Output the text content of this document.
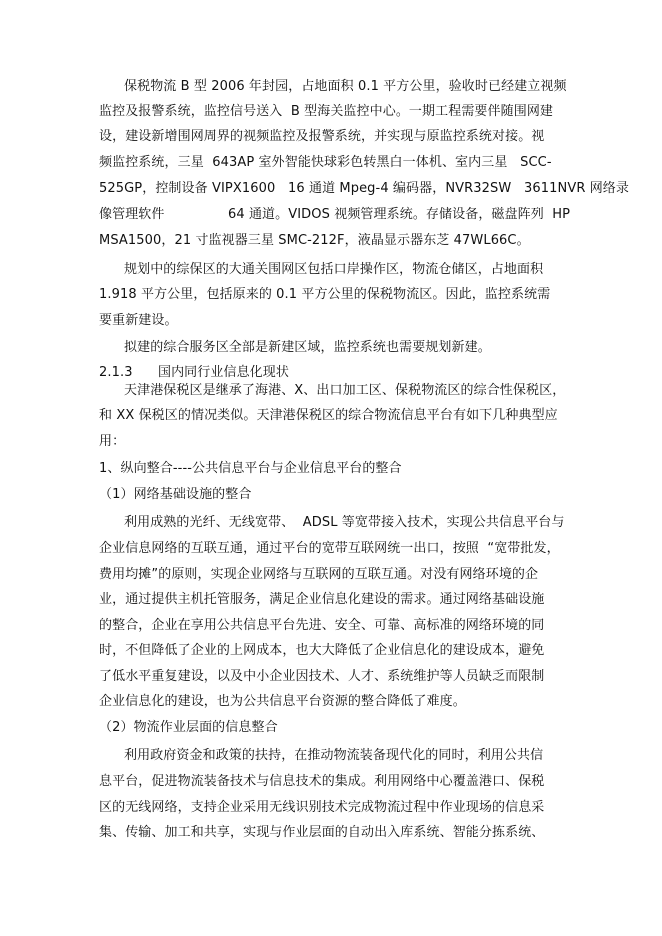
保税物流 B 型 2006 年封园，占地面积 0.1 平方公里，验收时已经建立视频
监控及报警系统，监控信号送入  B 型海关监控中心。一期工程需要伴随围网建
设，建设新增围网周界的视频监控及报警系统，并实现与原监控系统对接。视
频监控系统，三星  643AP 室外智能快球彩色转黑白一体机、室内三星   SCC-
525GP，控制设备 VIPX1600   16 通道 Mpeg-4 编码器，NVR32SW   3611NVR 网络录
像管理软件               64 通道。VIDOS 视频管理系统。存储设备，磁盘阵列  HP
MSA1500，21 寸监视器三星 SMC-212F，液晶显示器东芝 47WL66C。
规划中的综保区的大通关围网区包括口岸操作区，物流仓储区，占地面积
1.918 平方公里，包括原来的 0.1 平方公里的保税物流区。因此，监控系统需
要重新建设。
拟建的综合服务区全部是新建区域，监控系统也需要规划新建。
2.1.3      国内同行业信息化现状
天津港保税区是继承了海港、X、出口加工区、保税物流区的综合性保税区，
和 XX 保税区的情况类似。天津港保税区的综合物流信息平台有如下几种典型应
用：
1、纵向整合----公共信息平台与企业信息平台的整合
（1）网络基础设施的整合
利用成熟的光纤、无线宽带、  ADSL 等宽带接入技术，实现公共信息平台与
企业信息网络的互联互通，通过平台的宽带互联网统一出口，按照  “宽带批发，
费用均摊”的原则，实现企业网络与互联网的互联互通。对没有网络环境的企
业，通过提供主机托管服务，满足企业信息化建设的需求。通过网络基础设施
的整合，企业在享用公共信息平台先进、安全、可靠、高标准的网络环境的同
时，不但降低了企业的上网成本，也大大降低了企业信息化的建设成本，避免
了低水平重复建设，以及中小企业因技术、人才、系统维护等人员缺乏而限制
企业信息化的建设，也为公共信息平台资源的整合降低了难度。
（2）物流作业层面的信息整合
利用政府资金和政策的扶持，在推动物流装备现代化的同时，利用公共信
息平台，促进物流装备技术与信息技术的集成。利用网络中心覆盖港口、保税
区的无线网络，支持企业采用无线识别技术完成物流过程中作业现场的信息采
集、传输、加工和共享，实现与作业层面的自动出入库系统、智能分拣系统、
